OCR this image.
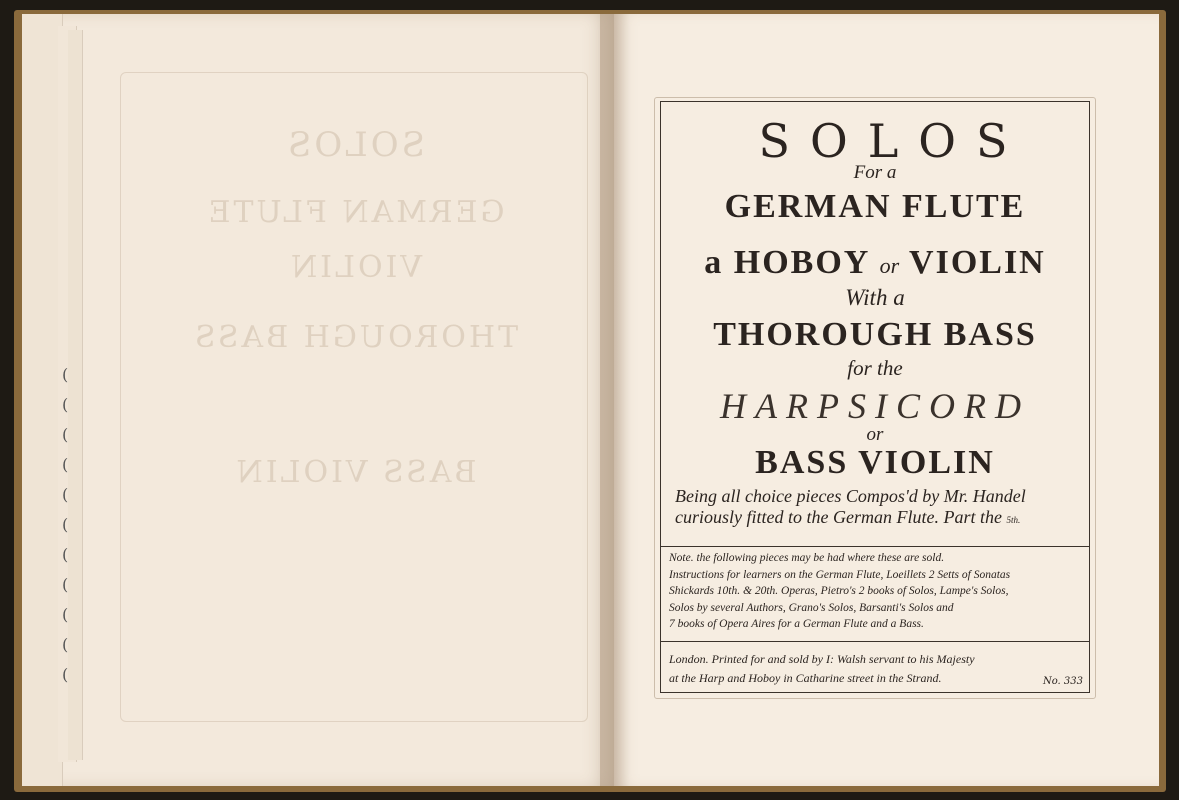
(
(
(
(
(
(
(
(
(
(
(
SOLOS
GERMAN FLUTE
VIOLIN
THOROUGH BASS
BASS VIOLIN

SOLOS
For a
GERMAN FLUTE
a HOBOY or VIOLIN
With a
THOROUGH BASS
for the
HARPSICORD
or
BASS VIOLIN
Being all choice pieces Compos'd by Mr. Handel
curiously fitted to the German Flute. Part the 5th.
Note. the following pieces may be had where these are sold.
Instructions for learners on the German Flute, Loeillets 2 Setts of Sonatas
Shickards 10th. & 20th. Operas, Pietro's 2 books of Solos, Lampe's Solos,
Solos by several Authors, Grano's Solos, Barsanti's Solos and
7 books of Opera Aires for a German Flute and a Bass.
London. Printed for and sold by I: Walsh servant to his Majesty
at the Harp and Hoboy in Catharine street in the Strand.	No. 333
